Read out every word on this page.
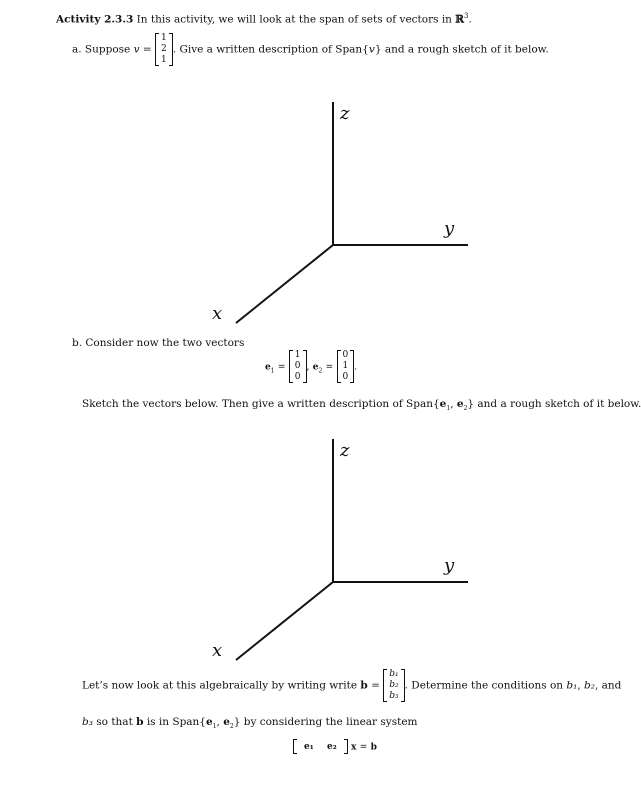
Activity 2.3.3 In this activity, we will look at the span of sets of vectors in ℝ$^3$.
a. Suppose v =
1
2
1
. Give a written description of Span{v} and a rough sketch of it below.
z
y
x
b. Consider now the two vectors
$e_1$ =
1
0
0
, $e_2$ =
0
1
0
.
Sketch the vectors below. Then give a written description of $Span\{e_1$, $e_2$} and a rough sketch of it below.
z
y
x
Let’s now look at this algebraically by writing write b =
b₁
b₂
b₃
. Determine the conditions on b₁, b₂, and
b₃ so that b is in $Span\{e_1$, $e_2$} by considering the linear system
e₁ e₂ x = b
